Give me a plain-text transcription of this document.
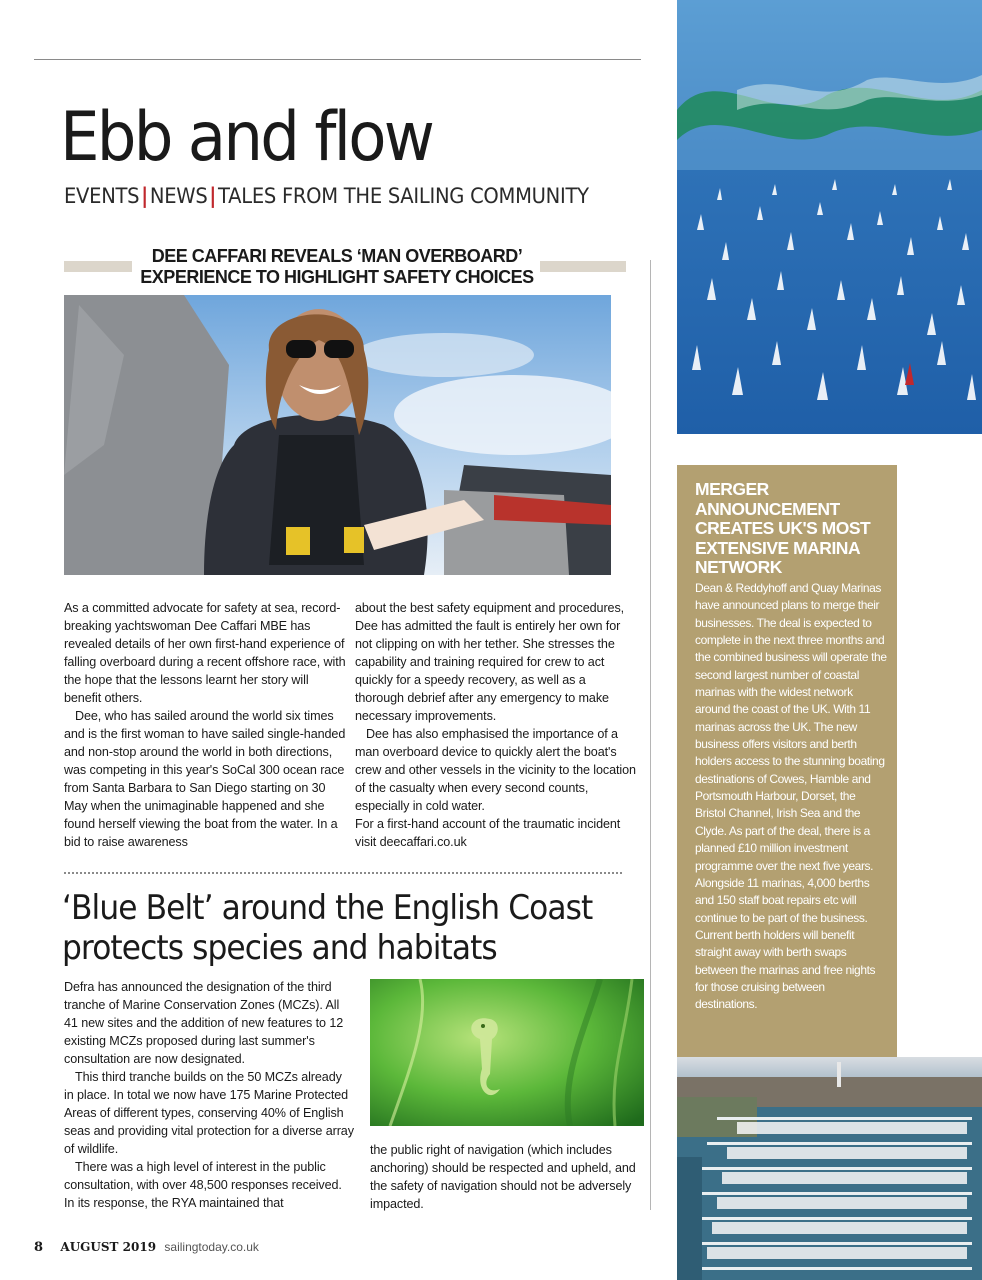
Ebb and flow
EVENTS|NEWS|TALES FROM THE SAILING COMMUNITY
DEE CAFFARI REVEALS ‘MAN OVERBOARD’
EXPERIENCE TO HIGHLIGHT SAFETY CHOICES

As a committed advocate for safety at sea, record-breaking yachtswoman Dee Caffari MBE has revealed details of her own first-hand experience of falling overboard during a recent offshore race, with the hope that the lessons learnt her story will benefit others.

Dee, who has sailed around the world six times and is the first woman to have sailed single-handed and non-stop around the world in both directions, was competing in this year's SoCal 300 ocean race from Santa Barbara to San Diego starting on 30 May when the unimaginable happened and she found herself viewing the boat from the water. In a bid to raise awareness

about the best safety equipment and procedures, Dee has admitted the fault is entirely her own for not clipping on with her tether. She stresses the capability and training required for crew to act quickly for a speedy recovery, as well as a thorough debrief after any emergency to make necessary improvements.

Dee has also emphasised the importance of a man overboard device to quickly alert the boat's crew and other vessels in the vicinity to the location of the casualty when every second counts, especially in cold water.

For a first-hand account of the traumatic incident visit deecaffari.co.uk

‘Blue Belt’ around the English Coast
protects species and habitats

Defra has announced the designation of the third tranche of Marine Conservation Zones (MCZs). All 41 new sites and the addition of new features to 12 existing MCZs proposed during last summer's consultation are now designated.

This third tranche builds on the 50 MCZs already in place. In total we now have 175 Marine Protected Areas of different types, conserving 40% of English seas and providing vital protection for a diverse array of wildlife.

There was a high level of interest in the public consultation, with over 48,500 responses received. In its response, the RYA maintained that

the public right of navigation (which includes anchoring) should be respected and upheld, and the safety of navigation should not be adversely impacted.

MERGER ANNOUNCEMENT CREATES UK'S MOST EXTENSIVE MARINA NETWORK
Dean & Reddyhoff and Quay Marinas have announced plans to merge their businesses. The deal is expected to complete in the next three months and the combined business will operate the second largest number of coastal marinas with the widest network around the coast of the UK. With 11 marinas across the UK. The new business offers visitors and berth holders access to the stunning boating destinations of Cowes, Hamble and Portsmouth Harbour, Dorset, the Bristol Channel, Irish Sea and the Clyde. As part of the deal, there is a planned £10 million investment programme over the next five years. Alongside 11 marinas, 4,000 berths and 150 staff boat repairs etc will continue to be part of the business. Current berth holders will benefit straight away with berth swaps between the marinas and free nights for those cruising between destinations.
8 AUGUST 2019 sailingtoday.co.uk
